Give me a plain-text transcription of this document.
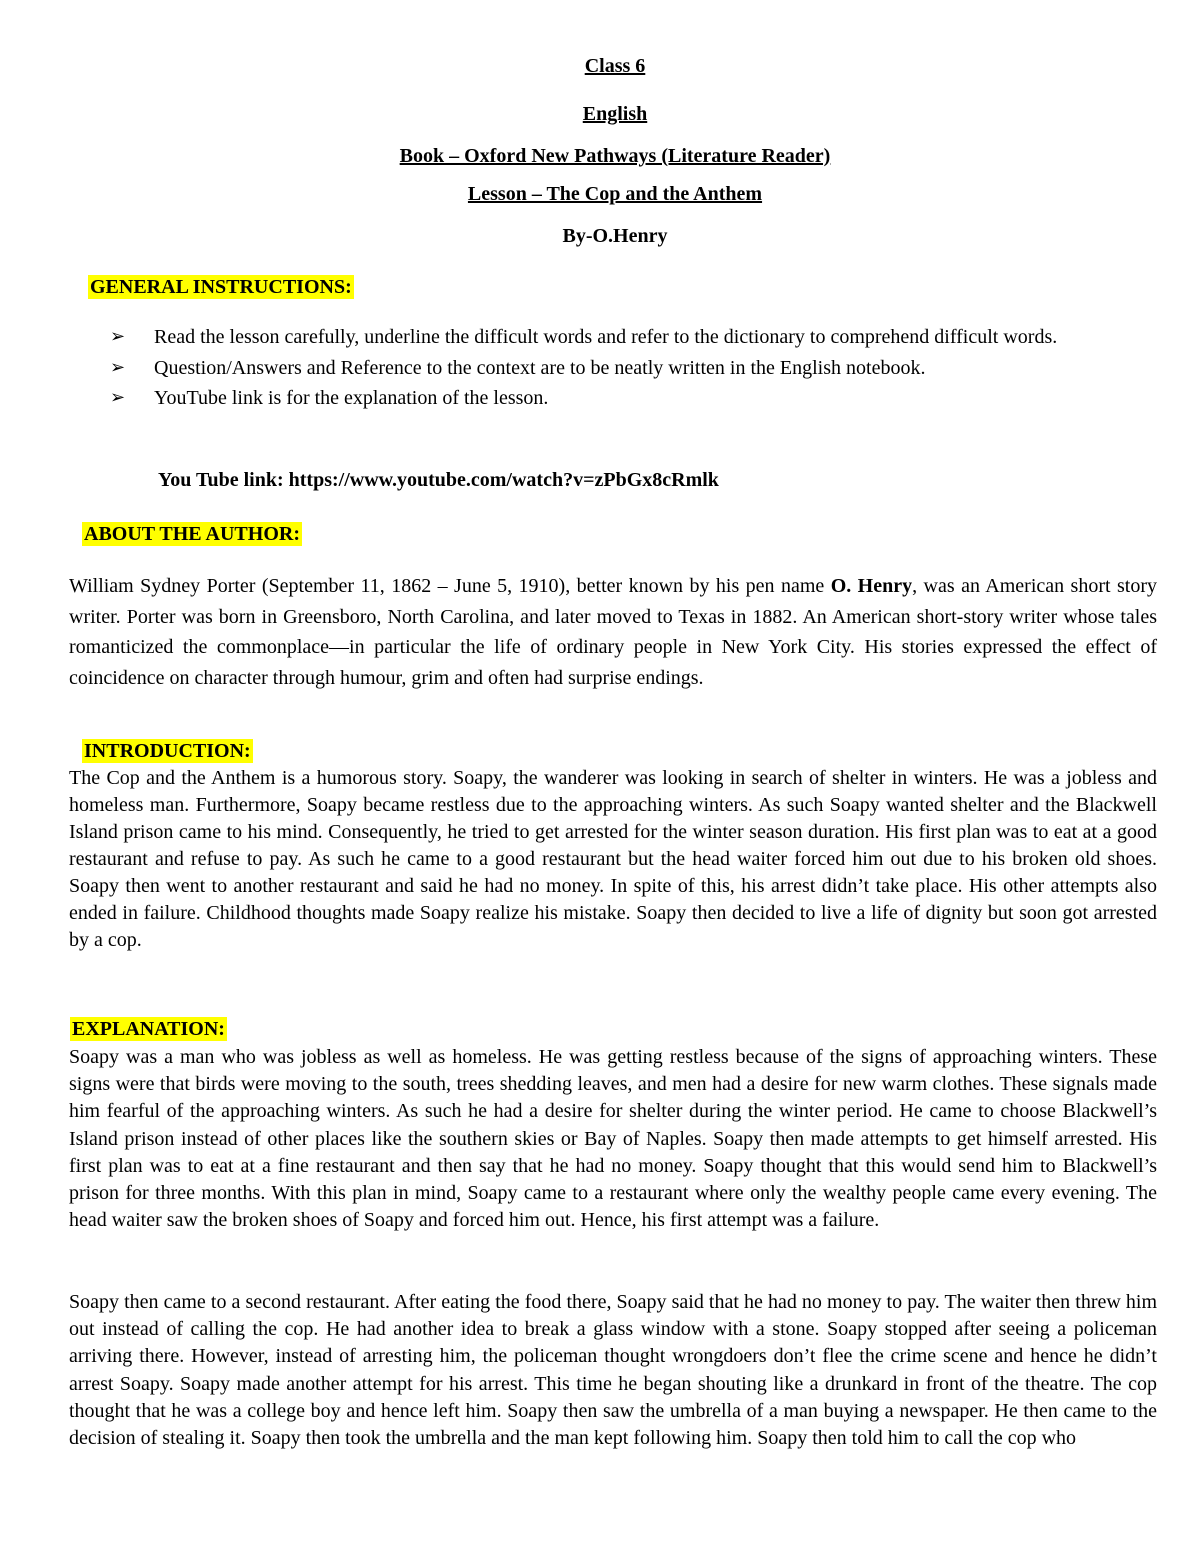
Class 6
English
Book – Oxford New Pathways (Literature Reader)
Lesson – The Cop and the Anthem
By-O.Henry
GENERAL INSTRUCTIONS:
➢ Read the lesson carefully, underline the difficult words and refer to the dictionary to comprehend difficult words.
➢ Question/Answers and Reference to the context are to be neatly written in the English notebook.
➢ YouTube link is for the explanation of the lesson.
You Tube link: https://www.youtube.com/watch?v=zPbGx8cRmlk
ABOUT THE AUTHOR:

William Sydney Porter (September 11, 1862 – June 5, 1910), better known by his pen name O. Henry, was an American short story writer. Porter was born in Greensboro, North Carolina, and later moved to Texas in 1882. An American short-story writer whose tales romanticized the commonplace—in particular the life of ordinary people in New York City. His stories expressed the effect of coincidence on character through humour, grim and often had surprise endings.

INTRODUCTION:

The Cop and the Anthem is a humorous story. Soapy, the wanderer was looking in search of shelter in winters. He was a jobless and homeless man. Furthermore, Soapy became restless due to the approaching winters. As such Soapy wanted shelter and the Blackwell Island prison came to his mind. Consequently, he tried to get arrested for the winter season duration. His first plan was to eat at a good restaurant and refuse to pay. As such he came to a good restaurant but the head waiter forced him out due to his broken old shoes. Soapy then went to another restaurant and said he had no money. In spite of this, his arrest didn’t take place. His other attempts also ended in failure. Childhood thoughts made Soapy realize his mistake. Soapy then decided to live a life of dignity but soon got arrested by a cop.

EXPLANATION:

Soapy was a man who was jobless as well as homeless. He was getting restless because of the signs of approaching winters. These signs were that birds were moving to the south, trees shedding leaves, and men had a desire for new warm clothes. These signals made him fearful of the approaching winters. As such he had a desire for shelter during the winter period. He came to choose Blackwell’s Island prison instead of other places like the southern skies or Bay of Naples. Soapy then made attempts to get himself arrested. His first plan was to eat at a fine restaurant and then say that he had no money. Soapy thought that this would send him to Blackwell’s prison for three months. With this plan in mind, Soapy came to a restaurant where only the wealthy people came every evening. The head waiter saw the broken shoes of Soapy and forced him out. Hence, his first attempt was a failure.

Soapy then came to a second restaurant. After eating the food there, Soapy said that he had no money to pay. The waiter then threw him out instead of calling the cop. He had another idea to break a glass window with a stone. Soapy stopped after seeing a policeman arriving there. However, instead of arresting him, the policeman thought wrongdoers don’t flee the crime scene and hence he didn’t arrest Soapy. Soapy made another attempt for his arrest. This time he began shouting like a drunkard in front of the theatre. The cop thought that he was a college boy and hence left him. Soapy then saw the umbrella of a man buying a newspaper. He then came to the decision of stealing it. Soapy then took the umbrella and the man kept following him. Soapy then told him to call the cop who
